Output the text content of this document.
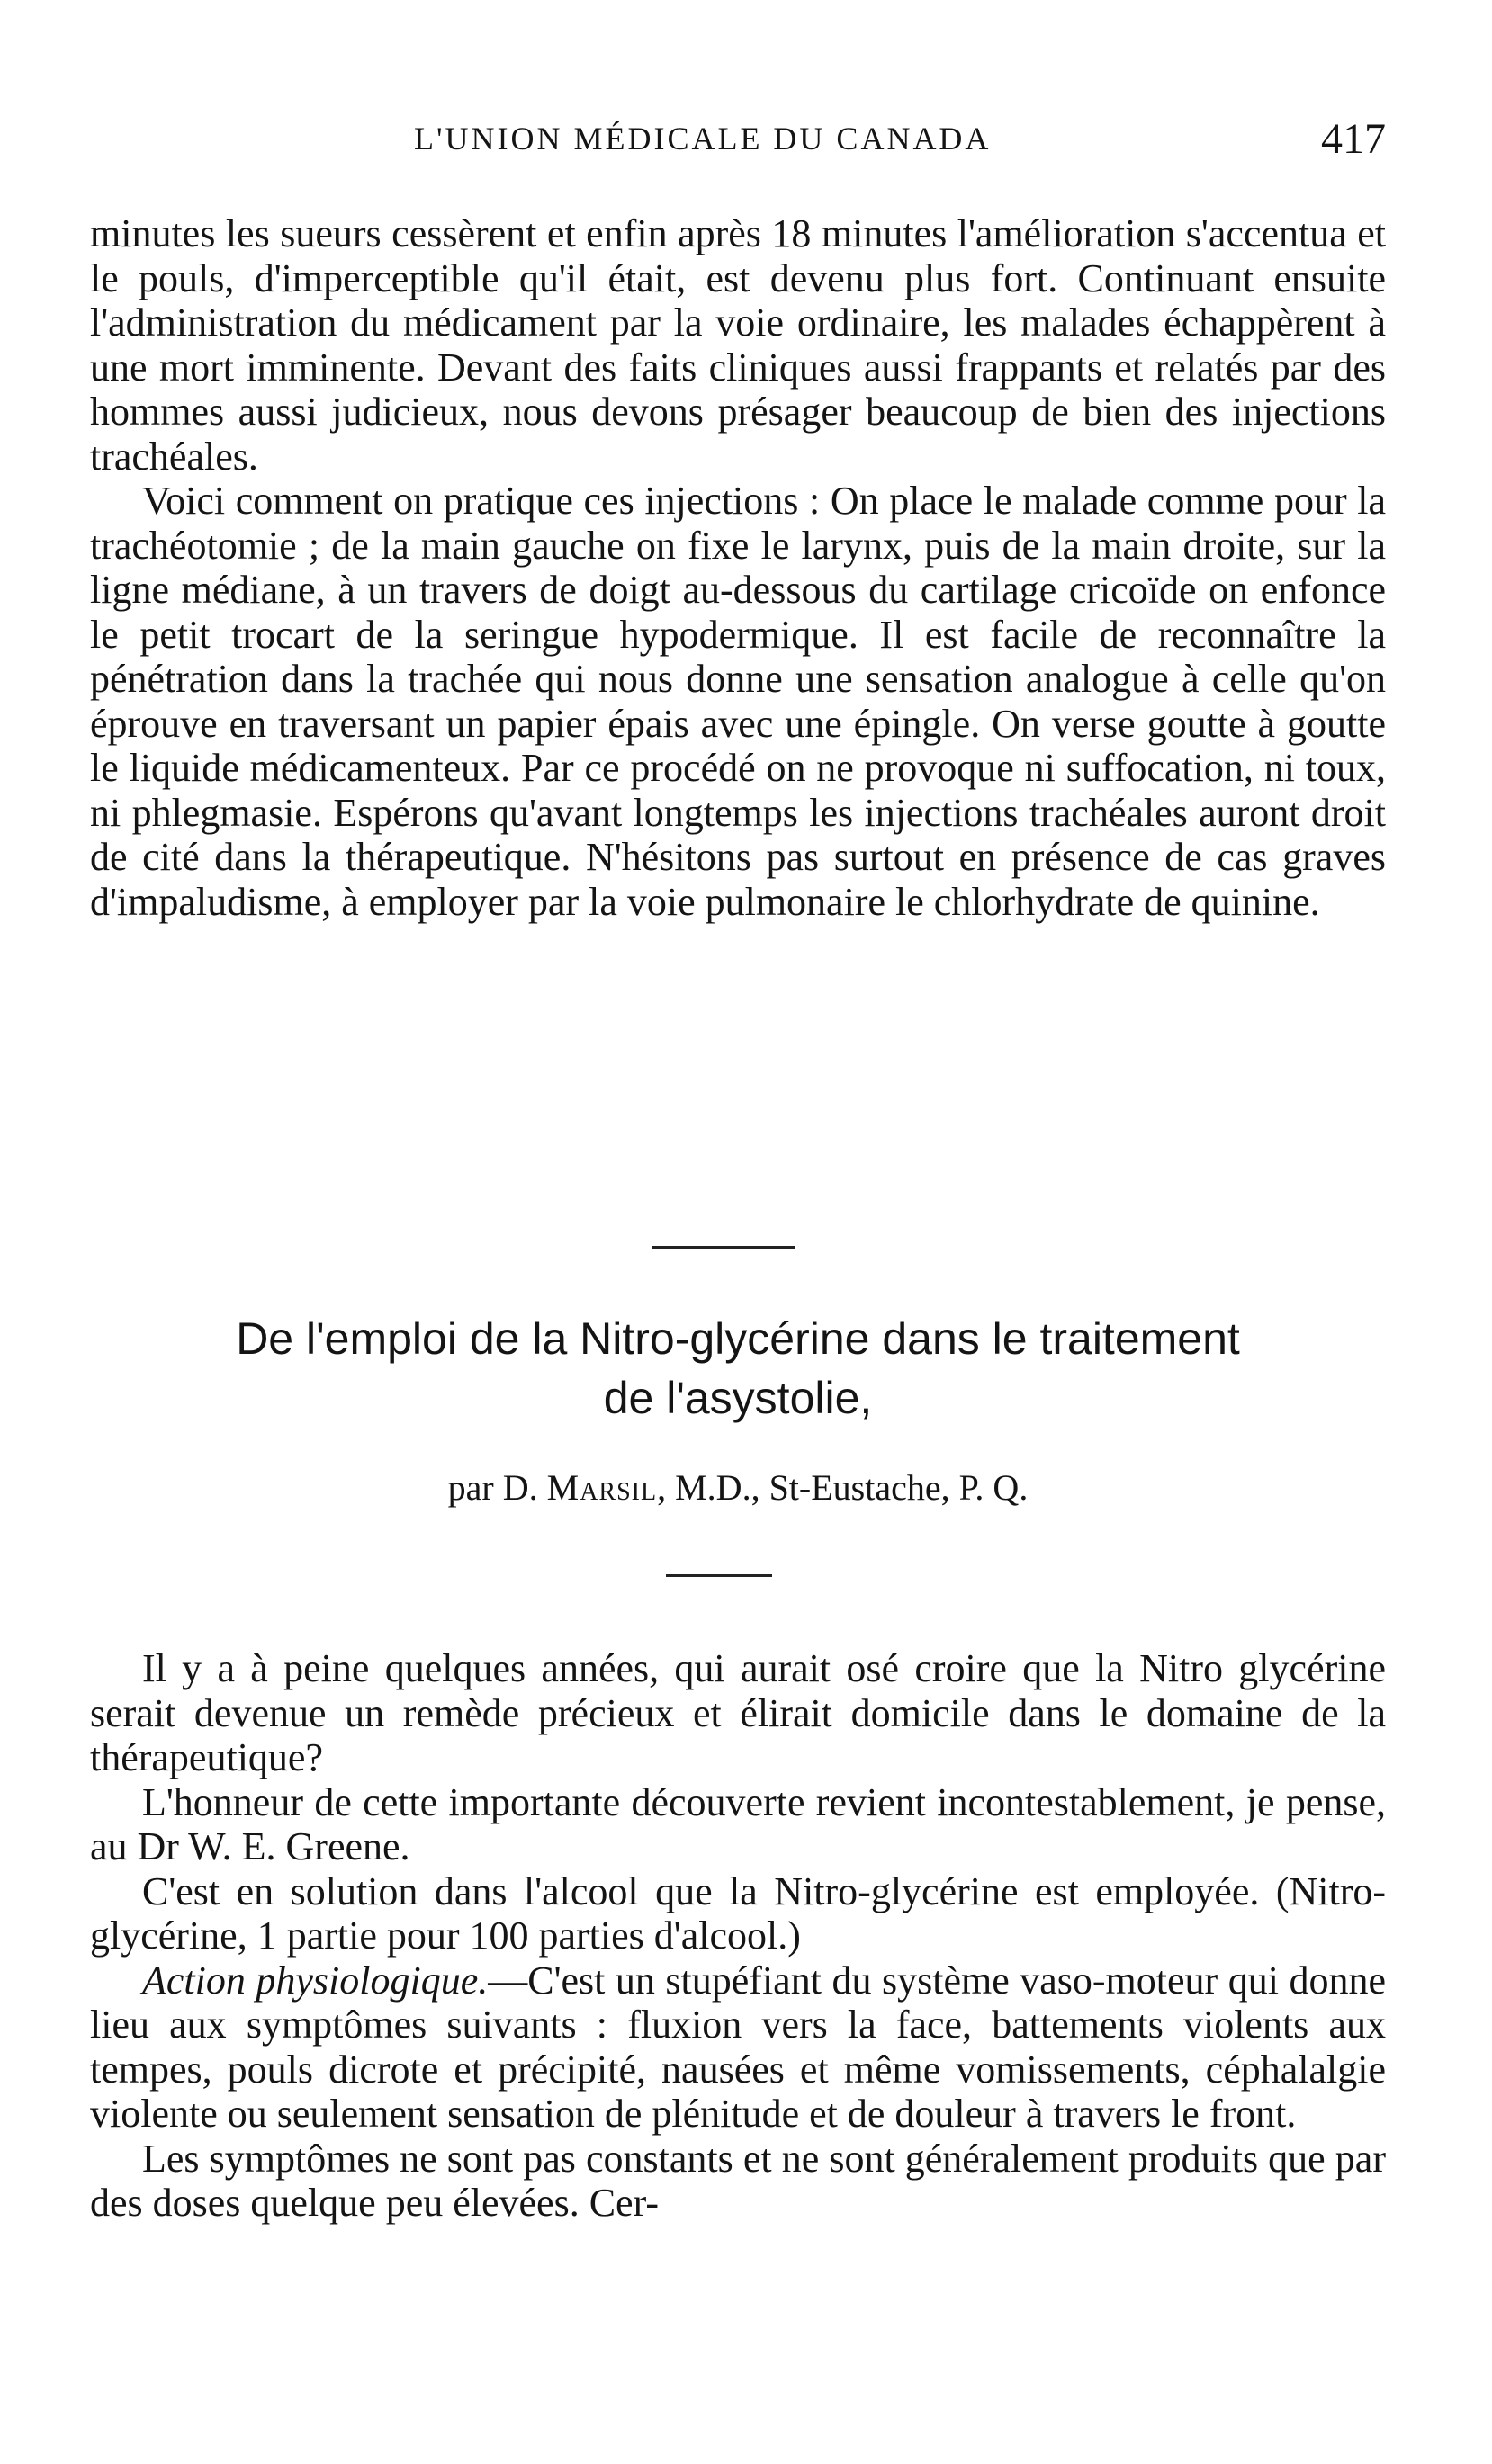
L'UNION MÉDICALE DU CANADA	417

minutes les sueurs cessèrent et enfin après 18 minutes l'amélioration s'accentua et le pouls, d'imperceptible qu'il était, est devenu plus fort. Continuant ensuite l'administration du médicament par la voie ordinaire, les malades échappèrent à une mort imminente. Devant des faits cliniques aussi frappants et relatés par des hommes aussi judicieux, nous devons présager beaucoup de bien des injections trachéales.

Voici comment on pratique ces injections : On place le malade comme pour la trachéotomie ; de la main gauche on fixe le larynx, puis de la main droite, sur la ligne médiane, à un travers de doigt au-dessous du cartilage cricoïde on enfonce le petit trocart de la seringue hypodermique. Il est facile de reconnaître la pénétration dans la trachée qui nous donne une sensation analogue à celle qu'on éprouve en traversant un papier épais avec une épingle. On verse goutte à goutte le liquide médicamenteux. Par ce procédé on ne provoque ni suffocation, ni toux, ni phlegmasie. Espérons qu'avant longtemps les injections trachéales auront droit de cité dans la thérapeutique. N'hésitons pas surtout en présence de cas graves d'impaludisme, à employer par la voie pulmonaire le chlorhydrate de quinine.

De l'emploi de la Nitro-glycérine dans le traitement
de l'asystolie,
par D. Marsil, M.D., St-Eustache, P. Q.

Il y a à peine quelques années, qui aurait osé croire que la Nitro glycérine serait devenue un remède précieux et élirait domicile dans le domaine de la thérapeutique?

L'honneur de cette importante découverte revient incontestablement, je pense, au Dr W. E. Greene.

C'est en solution dans l'alcool que la Nitro-glycérine est employée. (Nitro-glycérine, 1 partie pour 100 parties d'alcool.)

Action physiologique.—C'est un stupéfiant du système vaso-moteur qui donne lieu aux symptômes suivants : fluxion vers la face, battements violents aux tempes, pouls dicrote et précipité, nausées et même vomissements, céphalalgie violente ou seulement sensation de plénitude et de douleur à travers le front.

Les symptômes ne sont pas constants et ne sont généralement produits que par des doses quelque peu élevées. Cer-
